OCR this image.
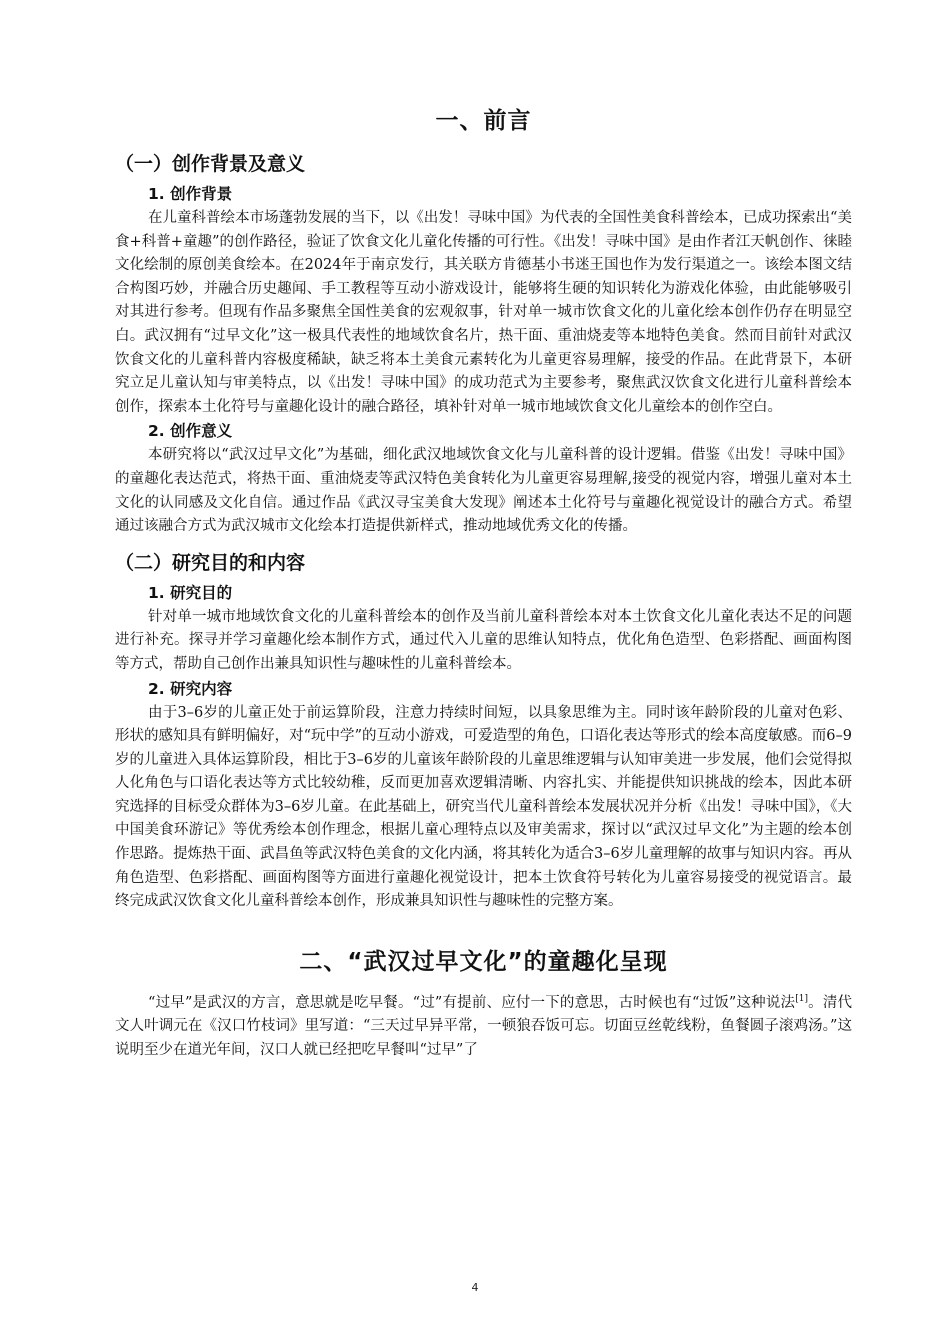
一、前言
（一）创作背景及意义
1. 创作背景

在儿童科普绘本市场蓬勃发展的当下，以《出发！寻味中国》为代表的全国性美食科普绘本，已成功探索出“美食+科普+童趣”的创作路径，验证了饮食文化儿童化传播的可行性。《出发！寻味中国》是由作者江天帆创作、徕睦文化绘制的原创美食绘本。在2024年于南京发行，其关联方肯德基小书迷王国也作为发行渠道之一。该绘本图文结合构图巧妙，并融合历史趣闻、手工教程等互动小游戏设计，能够将生硬的知识转化为游戏化体验，由此能够吸引对其进行参考。但现有作品多聚焦全国性美食的宏观叙事，针对单一城市饮食文化的儿童化绘本创作仍存在明显空白。武汉拥有“过早文化”这一极具代表性的地域饮食名片，热干面、重油烧麦等本地特色美食。然而目前针对武汉饮食文化的儿童科普内容极度稀缺，缺乏将本土美食元素转化为儿童更容易理解，接受的作品。在此背景下，本研究立足儿童认知与审美特点，以《出发！寻味中国》的成功范式为主要参考，聚焦武汉饮食文化进行儿童科普绘本创作，探索本土化符号与童趣化设计的融合路径，填补针对单一城市地域饮食文化儿童绘本的创作空白。

2. 创作意义

本研究将以“武汉过早文化”为基础，细化武汉地域饮食文化与儿童科普的设计逻辑。借鉴《出发！寻味中国》的童趣化表达范式，将热干面、重油烧麦等武汉特色美食转化为儿童更容易理解,接受的视觉内容，增强儿童对本土文化的认同感及文化自信。通过作品《武汉寻宝美食大发现》阐述本土化符号与童趣化视觉设计的融合方式。希望通过该融合方式为武汉城市文化绘本打造提供新样式，推动地域优秀文化的传播。

（二）研究目的和内容
1. 研究目的

针对单一城市地域饮食文化的儿童科普绘本的创作及当前儿童科普绘本对本土饮食文化儿童化表达不足的问题进行补充。探寻并学习童趣化绘本制作方式，通过代入儿童的思维认知特点，优化角色造型、色彩搭配、画面构图等方式，帮助自己创作出兼具知识性与趣味性的儿童科普绘本。

2. 研究内容

由于3–6岁的儿童正处于前运算阶段，注意力持续时间短，以具象思维为主。同时该年龄阶段的儿童对色彩、形状的感知具有鲜明偏好，对“玩中学”的互动小游戏，可爱造型的角色，口语化表达等形式的绘本高度敏感。而6–9岁的儿童进入具体运算阶段，相比于3–6岁的儿童该年龄阶段的儿童思维逻辑与认知审美进一步发展，他们会觉得拟人化角色与口语化表达等方式比较幼稚，反而更加喜欢逻辑清晰、内容扎实、并能提供知识挑战的绘本，因此本研究选择的目标受众群体为3–6岁儿童。在此基础上，研究当代儿童科普绘本发展状况并分析《出发！寻味中国》，《大中国美食环游记》等优秀绘本创作理念，根据儿童心理特点以及审美需求，探讨以“武汉过早文化”为主题的绘本创作思路。提炼热干面、武昌鱼等武汉特色美食的文化内涵，将其转化为适合3–6岁儿童理解的故事与知识内容。再从角色造型、色彩搭配、画面构图等方面进行童趣化视觉设计，把本土饮食符号转化为儿童容易接受的视觉语言。最终完成武汉饮食文化儿童科普绘本创作，形成兼具知识性与趣味性的完整方案。

二、“武汉过早文化”的童趣化呈现

“过早”是武汉的方言，意思就是吃早餐。“过”有提前、应付一下的意思，古时候也有“过饭”这种说法[1]。清代文人叶调元在《汉口竹枝词》里写道：“三天过早异平常，一顿狼吞饭可忘。切面豆丝乾线粉，鱼餐圆子滚鸡汤。”这说明至少在道光年间，汉口人就已经把吃早餐叫“过早”了

4
